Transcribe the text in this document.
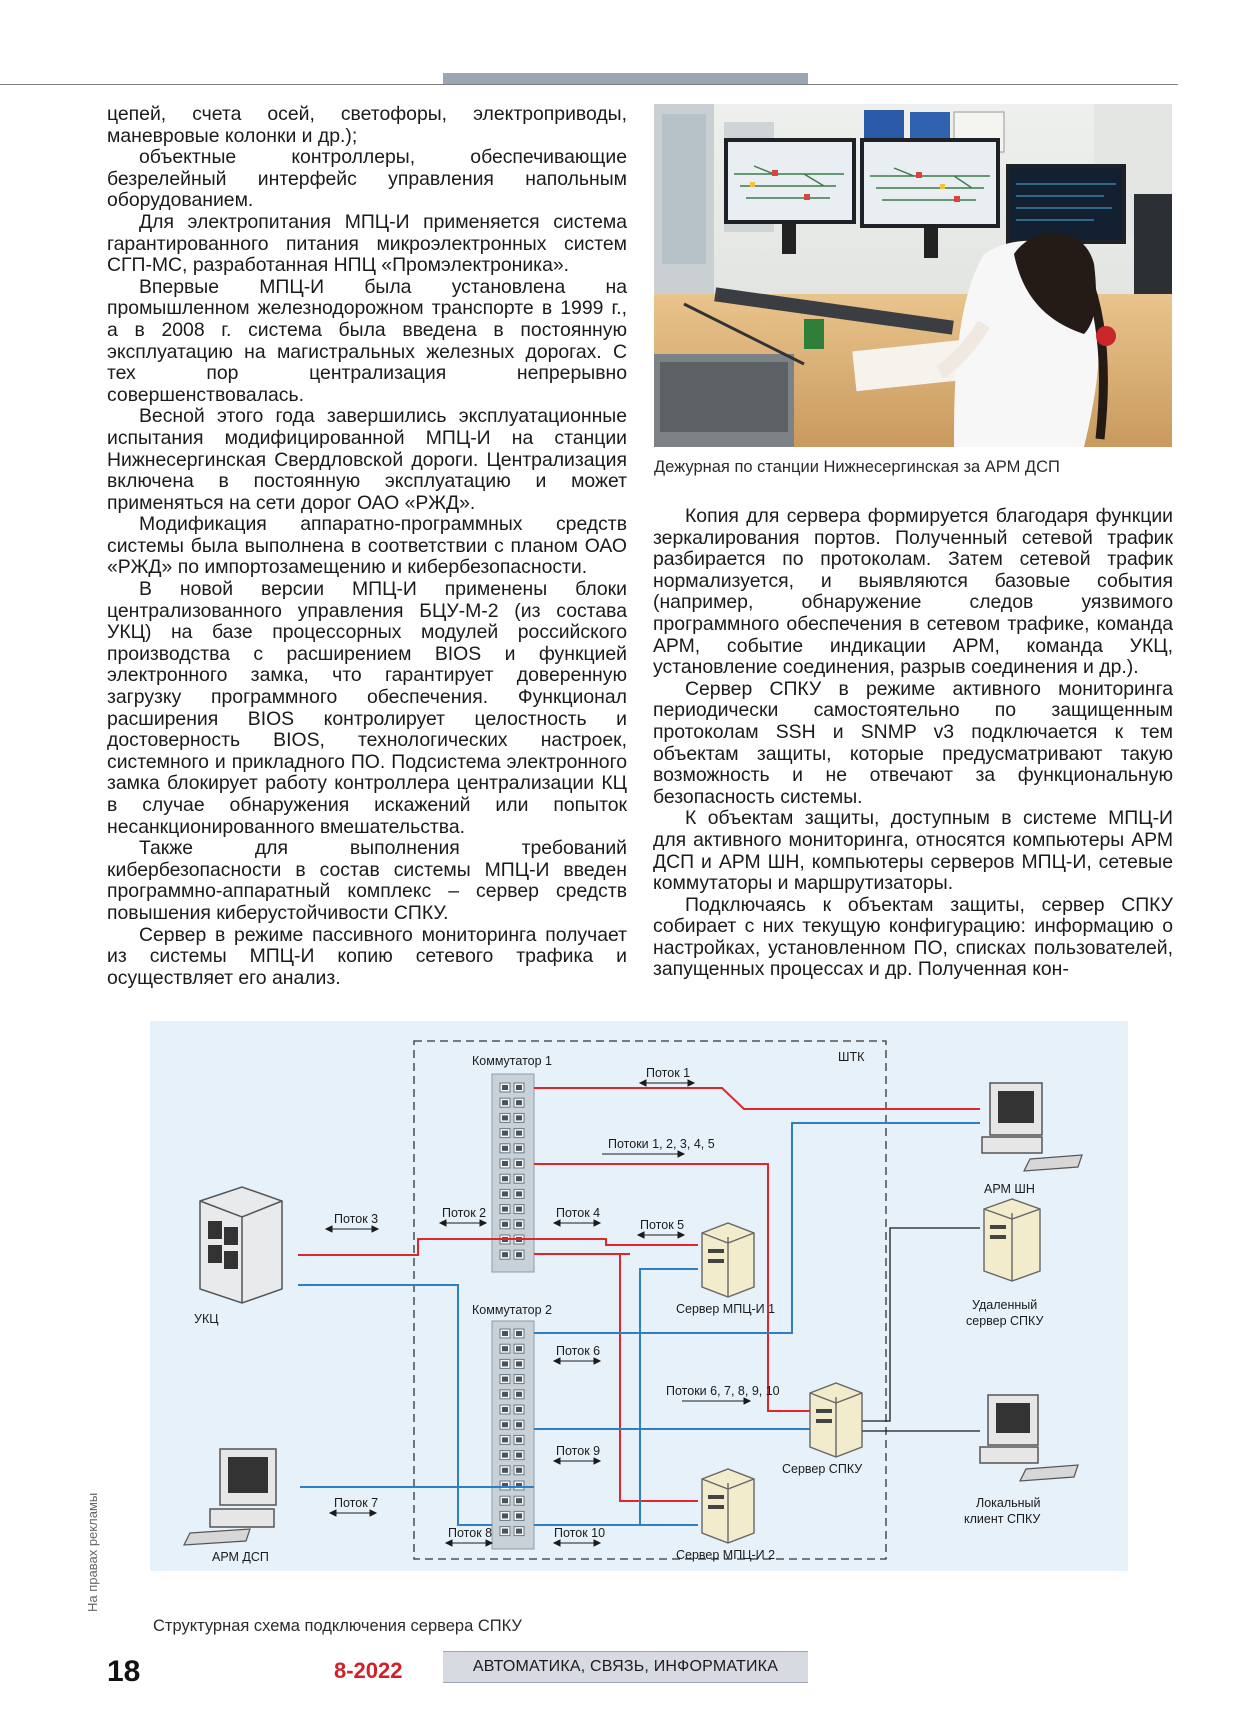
цепей, счета осей, светофоры, электроприводы, маневровые колонки и др.);

объектные контроллеры, обеспечивающие безрелейный интерфейс управления напольным оборудованием.

Для электропитания МПЦ-И применяется система гарантированного питания микроэлектронных систем СГП-МС, разработанная НПЦ «Промэлектроника».

Впервые МПЦ-И была установлена на промышленном железнодорожном транспорте в 1999 г., а в 2008 г. система была введена в постоянную эксплуатацию на магистральных железных дорогах. С тех пор централизация непрерывно совершенствовалась.

Весной этого года завершились эксплуатационные испытания модифицированной МПЦ-И на станции Нижнесергинская Свердловской дороги. Централизация включена в постоянную эксплуатацию и может применяться на сети дорог ОАО «РЖД».

Модификация аппаратно-программных средств системы была выполнена в соответствии с планом ОАО «РЖД» по импортозамещению и кибербезопасности.

В новой версии МПЦ-И применены блоки централизованного управления БЦУ-М-2 (из состава УКЦ) на базе процессорных модулей российского производства с расширением BIOS и функцией электронного замка, что гарантирует доверенную загрузку программного обеспечения. Функционал расширения BIOS контролирует целостность и достоверность BIOS, технологических настроек, системного и прикладного ПО. Подсистема электронного замка блокирует работу контроллера централизации КЦ в случае обнаружения искажений или попыток несанкционированного вмешательства.

Также для выполнения требований кибербезопасности в состав системы МПЦ-И введен программно-аппаратный комплекс – сервер средств повышения киберустойчивости СПКУ.

Сервер в режиме пассивного мониторинга получает из системы МПЦ-И копию сетевого трафика и осуществляет его анализ.

Дежурная по станции Нижнесергинская за АРМ ДСП

Копия для сервера формируется благодаря функции зеркалирования портов. Полученный сетевой трафик разбирается по протоколам. Затем сетевой трафик нормализуется, и выявляются базовые события (например, обнаружение следов уязвимого программного обеспечения в сетевом трафике, команда АРМ, событие индикации АРМ, команда УКЦ, установление соединения, разрыв соединения и др.).

Сервер СПКУ в режиме активного мониторинга периодически самостоятельно по защищенным протоколам SSH и SNMP v3 подключается к тем объектам защиты, которые предусматривают такую возможность и не отвечают за функциональную безопасность системы.

К объектам защиты, доступным в системе МПЦ-И для активного мониторинга, относятся компьютеры АРМ ДСП и АРМ ШН, компьютеры серверов МПЦ-И, сетевые коммутаторы и маршрутизаторы.

Подключаясь к объектам защиты, сервер СПКУ собирает с них текущую конфигурацию: информацию о настройках, установленном ПО, списках пользователей, запущенных процессах и др. Полученная кон-

ШТК
Коммутатор 1
Коммутатор 2
УКЦ
АРМ ДСП
АРМ ШН
Удаленный
сервер СПКУ
Локальный
клиент СПКУ
Сервер МПЦ-И 1
Сервер МПЦ-И 2
Сервер СПКУ
Поток 1
Потоки 1, 2, 3, 4, 5
Поток 3	Поток 2	Поток 4
Поток 5
Поток 6
Потоки 6, 7, 8, 9, 10
Поток 7
Поток 9
Поток 8	Поток 10
Структурная схема подключения сервера СПКУ
На правах рекламы
18	8-2022	АВТОМАТИКА, СВЯЗЬ, ИНФОРМАТИКА
